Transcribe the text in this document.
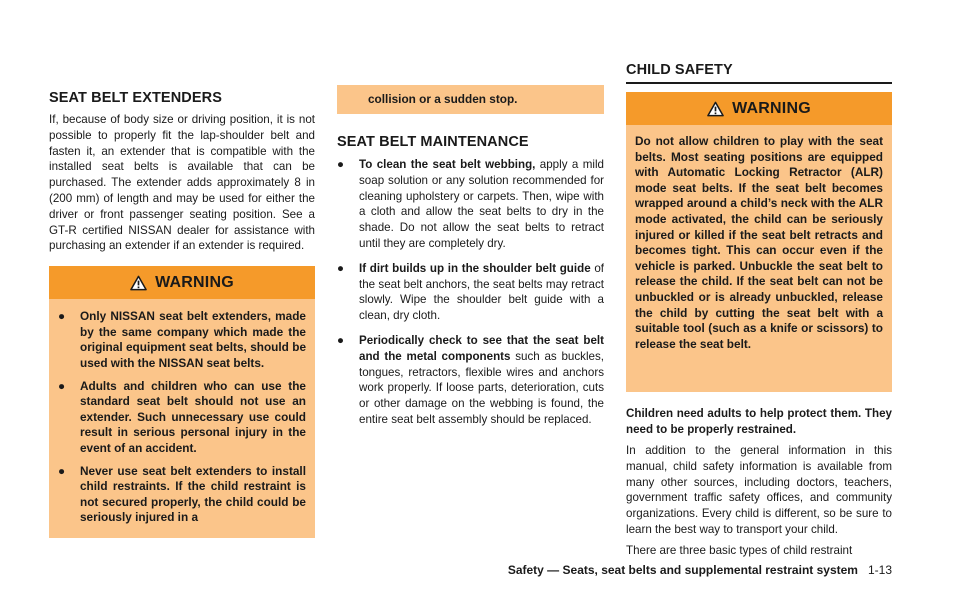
SEAT BELT EXTENDERS

If, because of body size or driving position, it is not possible to properly fit the lap-shoulder belt and fasten it, an extender that is compatible with the installed seat belts is available that can be purchased. The extender adds approximately 8 in (200 mm) of length and may be used for either the driver or front passenger seating position. See a GT-R certified NISSAN dealer for assistance with purchasing an extender if an extender is required.

WARNING
● Only NISSAN seat belt extenders, made by the same company which made the original equipment seat belts, should be used with the NISSAN seat belts.
● Adults and children who can use the standard seat belt should not use an extender. Such unnecessary use could result in serious personal injury in the event of an accident.
● Never use seat belt extenders to install child restraints. If the child restraint is not secured properly, the child could be seriously injured in a
collision or a sudden stop.
SEAT BELT MAINTENANCE
● To clean the seat belt webbing, apply a mild soap solution or any solution recommended for cleaning upholstery or carpets. Then, wipe with a cloth and allow the seat belts to dry in the shade. Do not allow the seat belts to retract until they are completely dry.
● If dirt builds up in the shoulder belt guide of the seat belt anchors, the seat belts may retract slowly. Wipe the shoulder belt guide with a clean, dry cloth.
● Periodically check to see that the seat belt and the metal components such as buckles, tongues, retractors, flexible wires and anchors work properly. If loose parts, deterioration, cuts or other damage on the webbing is found, the entire seat belt assembly should be replaced.
CHILD SAFETY
WARNING

Do not allow children to play with the seat belts. Most seating positions are equipped with Automatic Locking Retractor (ALR) mode seat belts. If the seat belt becomes wrapped around a child’s neck with the ALR mode activated, the child can be seriously injured or killed if the seat belt retracts and becomes tight. This can occur even if the vehicle is parked. Unbuckle the seat belt to release the child. If the seat belt can not be unbuckled or is already unbuckled, release the child by cutting the seat belt with a suitable tool (such as a knife or scissors) to release the seat belt.

Children need adults to help protect them. They need to be properly restrained.

In addition to the general information in this manual, child safety information is available from many other sources, including doctors, teachers, government traffic safety offices, and community organizations. Every child is different, so be sure to learn the best way to transport your child.

There are three basic types of child restraint

Safety — Seats, seat belts and supplemental restraint system 1-13
